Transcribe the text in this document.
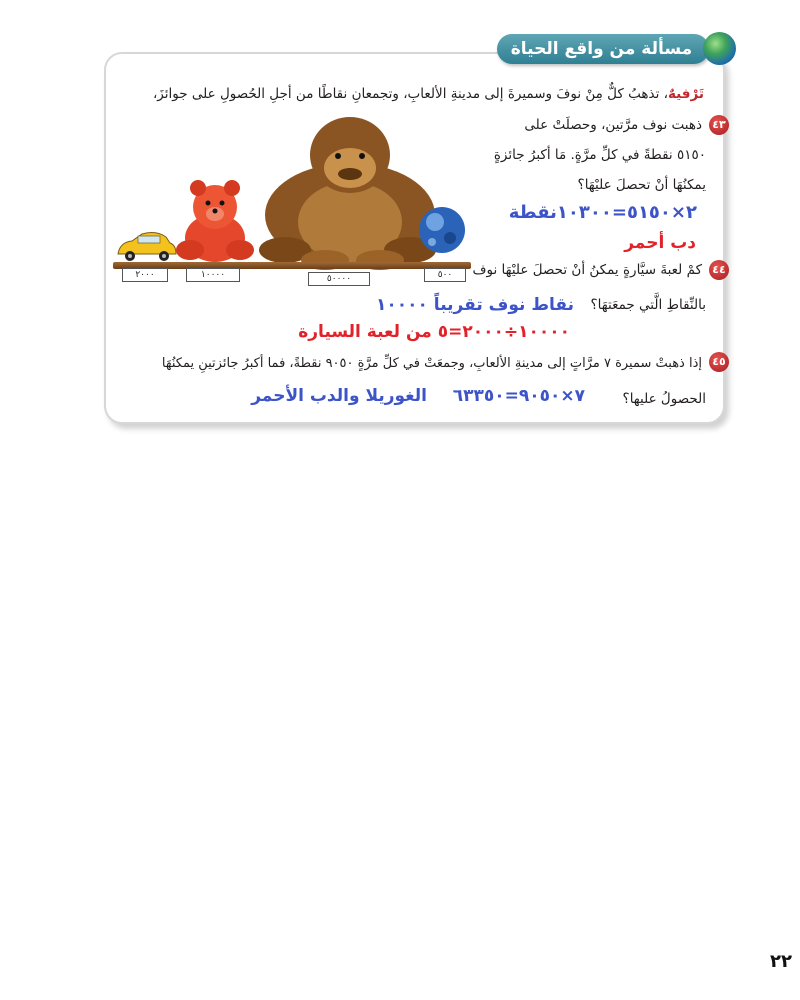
مسألة من واقع الحياة
تَرْفيهٌ، تذهبُ كلٌّ مِنْ نوفَ وسميرةَ إلى مدينةِ الألعابِ، وتجمعانِ نقاطًا من أجلِ الحُصولِ على جوائزَ،
٤٣
ذهبت نوف مرَّتين، وحصلَتْ على
٥١٥٠ نقطةً في كلِّ مرَّةٍ. مَا أكبرُ جائزةٍ
يمكنُهَا أنْ تحصلَ عليْهَا؟
٢×٥١٥٠=١٠٣٠٠نقطة
دب أحمر
٢٠٠٠	١٠٠٠٠	٥٠٠٠٠	٥٠٠	٤٤
كمْ لعبةَ سيَّارةٍ يمكنُ أنْ تحصلَ عليْهَا نوف
بالنِّقاطِ الَّتي جمعَتهَا؟
نقاط نوف تقريباً ١٠٠٠٠
١٠٠٠٠÷٢٠٠٠=٥ من لعبة السيارة
٤٥
إذا ذهبتْ سميرة ٧ مرَّاتٍ إلى مدينةِ الألعابِ، وجمعَتْ في كلِّ مرَّةٍ ٩٠٥٠ نقطةً، فما أكبرُ جائزتينِ يمكنُهَا
الحصولُ عليها؟
٧×٩٠٥٠=٦٣٣٥٠
الغوريلا والدب الأحمر
٢٢
